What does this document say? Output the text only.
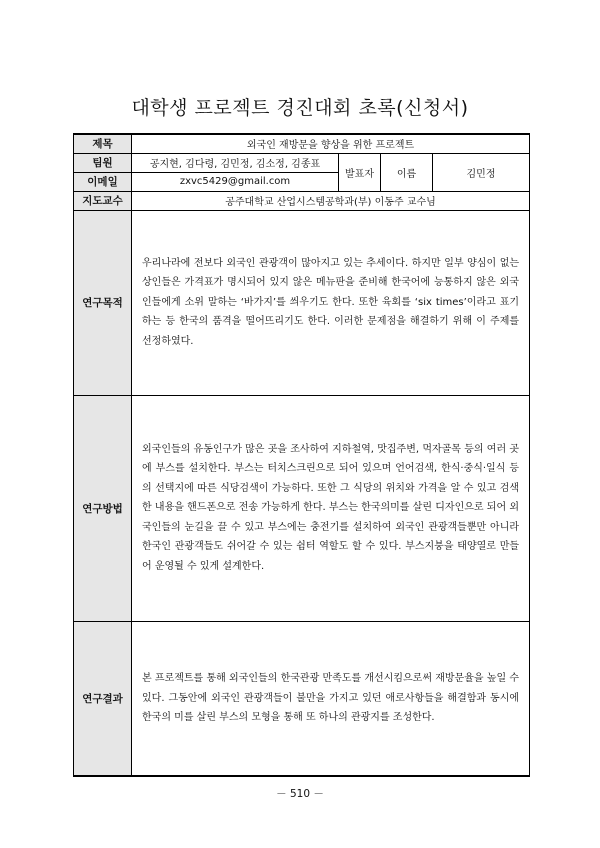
대학생 프로젝트 경진대회 초록(신청서)
제목	외국인 재방문을 향상을 위한 프로젝트			
팀원	공지현, 김다령, 김민정, 김소정, 김종표	발표자	이름	김민정
이메일	zxvc5429@gmail.com			
지도교수	공주대학교 산업시스템공학과(부) 이동주 교수님			
연구목적	우리나라에 전보다 외국인 관광객이 많아지고 있는 추세이다. 하지만 일부 양심이 없는 상인들은 가격표가 명시되어 있지 않은 메뉴판을 준비해 한국어에 능통하지 않은 외국인들에게 소위 말하는 ‘바가지’를 씌우기도 한다. 또한 육회를 ‘six times’이라고 표기하는 등 한국의 품격을 떨어뜨리기도 한다. 이러한 문제점을 해결하기 위해 이 주제를 선정하였다.			

연구방법	외국인들의 유동인구가 많은 곳을 조사하여 지하철역, 맛집주변, 먹자골목 등의 여러 곳에 부스를 설치한다. 부스는 터치스크린으로 되어 있으며 언어검색, 한식·중식·일식 등의 선택지에 따른 식당검색이 가능하다. 또한 그 식당의 위치와 가격을 알 수 있고 검색한 내용을 핸드폰으로 전송 가능하게 한다. 부스는 한국의미를 살린 디자인으로 되어 외국인들의 눈길을 끌 수 있고 부스에는 충전기를 설치하여 외국인 관광객들뿐만 아니라 한국인 관광객들도 쉬어갈 수 있는 쉼터 역할도 할 수 있다. 부스지붕을 태양열로 만들어 운영될 수 있게 설계한다.			

연구결과	본 프로젝트를 통해 외국인들의 한국관광 만족도를 개선시킴으로써 재방문율을 높일 수 있다. 그동안에 외국인 관광객들이 불만을 가지고 있던 애로사항들을 해결함과 동시에 한국의 미를 살린 부스의 모형을 통해 또 하나의 관광지를 조성한다.			

－ 510 －
